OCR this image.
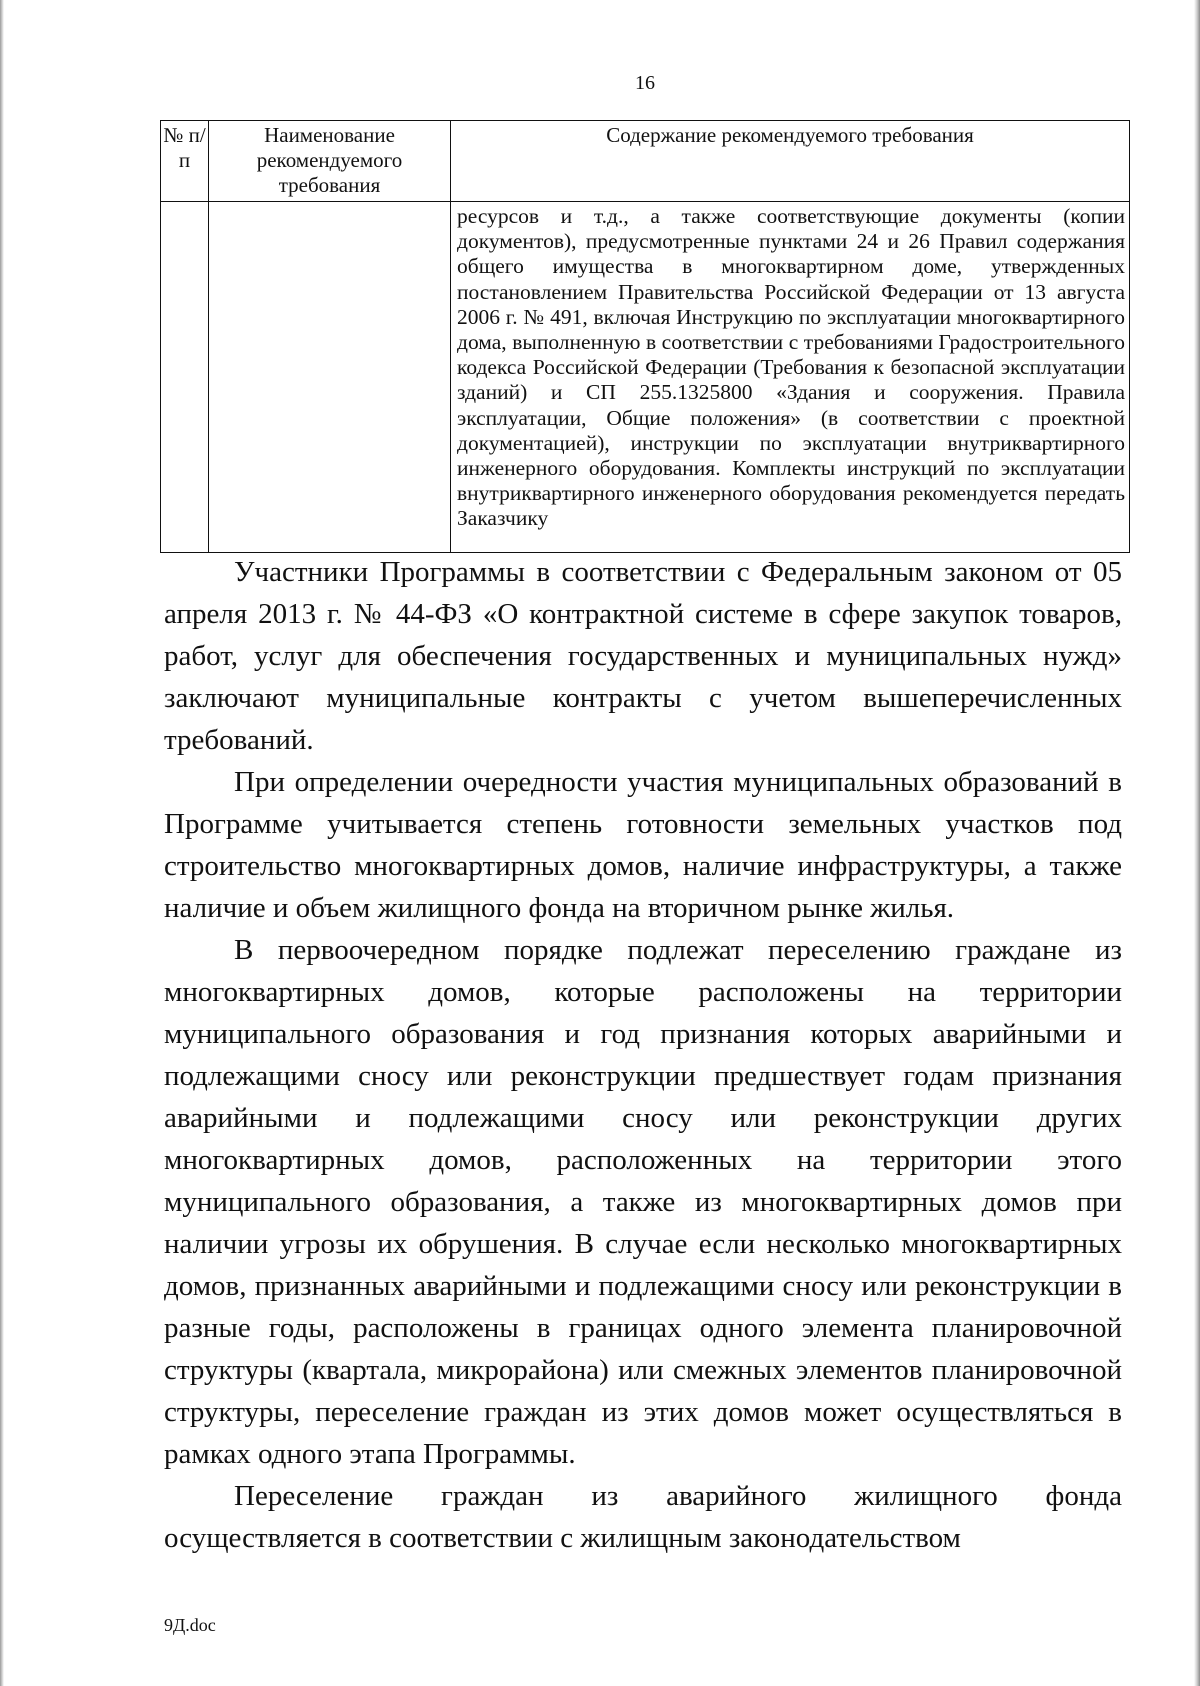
16
№ п/п	Наименование рекомендуемого требования	Содержание рекомендуемого требования

		ресурсов и т.д., а также соответствующие документы (копии документов), предусмотренные пунктами 24 и 26 Правил содержания общего имущества в многоквартирном доме, утвержденных постановлением Правительства Российской Федерации от 13 августа 2006 г. № 491, включая Инструкцию по эксплуатации многоквартирного дома, выполненную в соответствии с требованиями Градостроительного кодекса Российской Федерации (Требования к безопасной эксплуатации зданий) и СП 255.1325800 «Здания и сооружения. Правила эксплуатации, Общие положения» (в соответствии с проектной документацией), инструкции по эксплуатации внутриквартирного инженерного оборудования. Комплекты инструкций по эксплуатации внутриквартирного инженерного оборудования рекомендуется передать Заказчику

Участники Программы в соответствии с Федеральным законом от 05 апреля 2013 г. № 44-ФЗ «О контрактной системе в сфере закупок товаров, работ, услуг для обеспечения государственных и муниципальных нужд» заключают муниципальные контракты с учетом вышеперечисленных требований.

При определении очередности участия муниципальных образований в Программе учитывается степень готовности земельных участков под строительство многоквартирных домов, наличие инфраструктуры, а также наличие и объем жилищного фонда на вторичном рынке жилья.

В первоочередном порядке подлежат переселению граждане из многоквартирных домов, которые расположены на территории муниципального образования и год признания которых аварийными и подлежащими сносу или реконструкции предшествует годам признания аварийными и подлежащими сносу или реконструкции других многоквартирных домов, расположенных на территории этого муниципального образования, а также из многоквартирных домов при наличии угрозы их обрушения. В случае если несколько многоквартирных домов, признанных аварийными и подлежащими сносу или реконструкции в разные годы, расположены в границах одного элемента планировочной структуры (квартала, микрорайона) или смежных элементов планировочной структуры, переселение граждан из этих домов может осуществляться в рамках одного этапа Программы.

Переселение граждан из аварийного жилищного фонда осуществляется в соответствии с жилищным законодательством

9Д.doc
